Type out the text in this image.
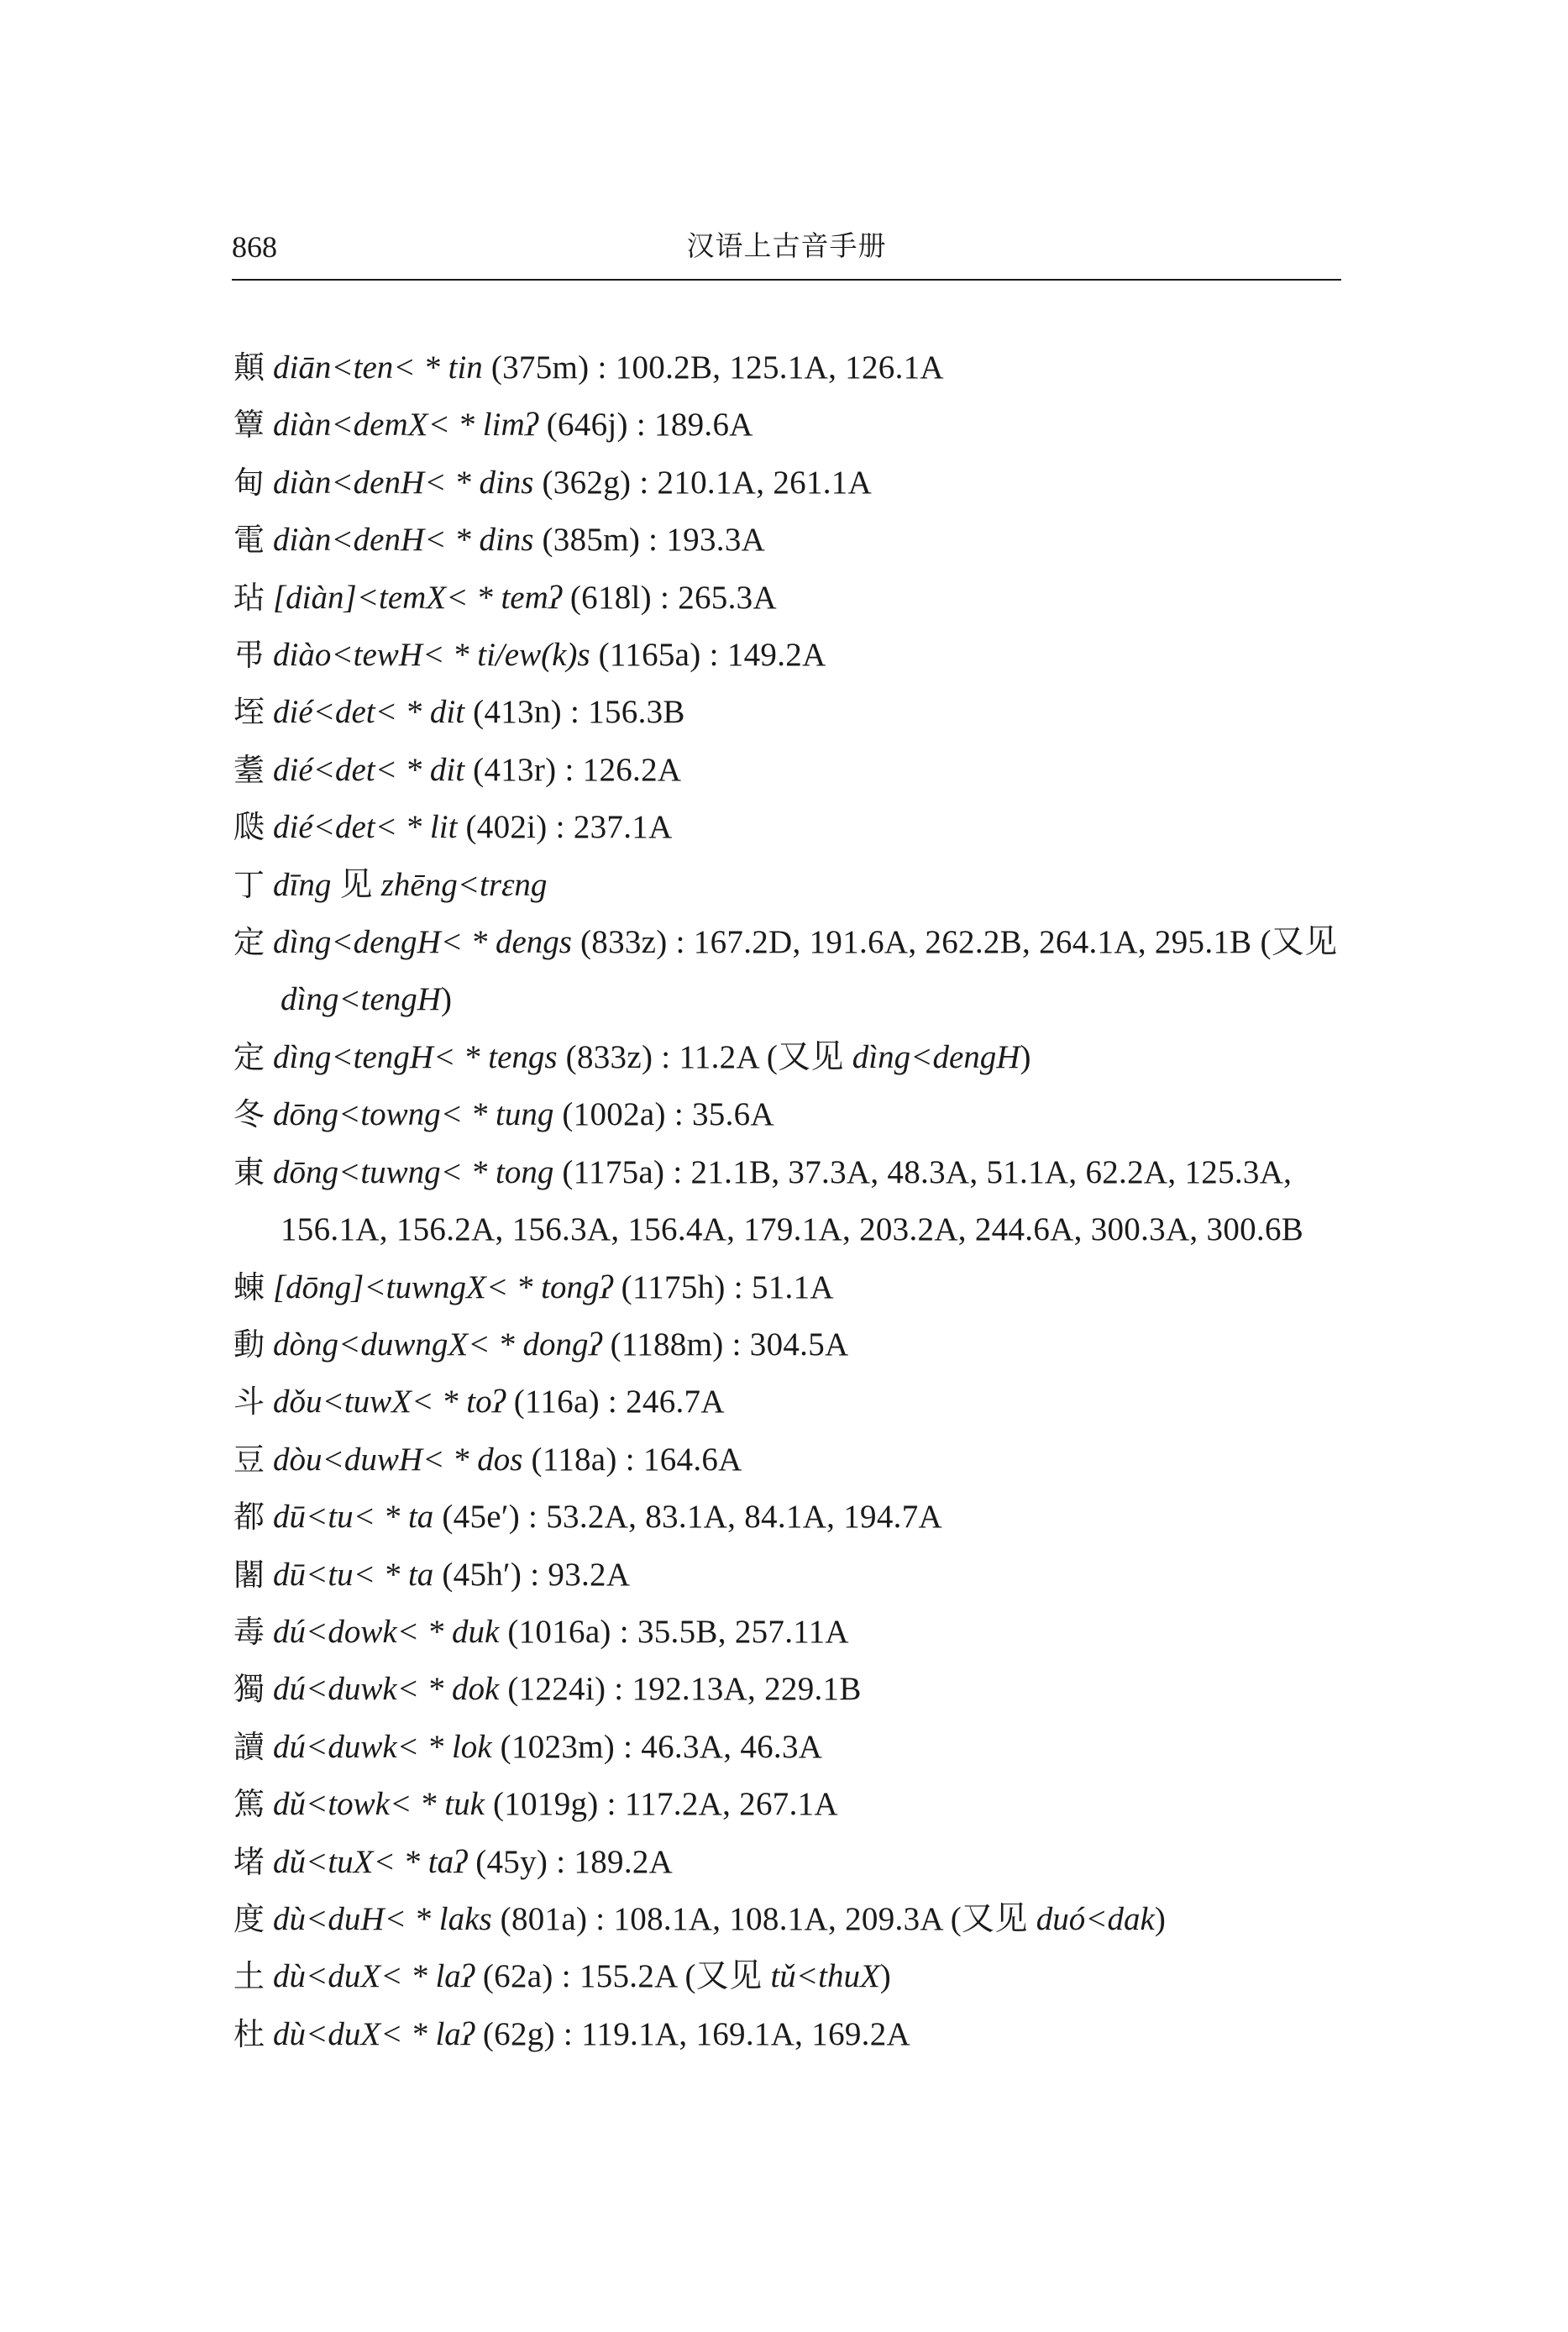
868	汉语上古音手册
顛 diān<ten< * tin (375m) : 100.2B, 125.1A, 126.1A
簟 diàn<demX< * limʔ (646j) : 189.6A
甸 diàn<denH< * dins (362g) : 210.1A, 261.1A
電 diàn<denH< * dins (385m) : 193.3A
玷 [diàn]<temX< * temʔ (618l) : 265.3A
弔 diào<tewH< * ti/ew(k)s (1165a) : 149.2A
垤 dié<det< * dit (413n) : 156.3B
耋 dié<det< * dit (413r) : 126.2A
瓞 dié<det< * lit (402i) : 237.1A
丁 dīng 见 zhēng<trɛng
定 dìng<dengH< * dengs (833z) : 167.2D, 191.6A, 262.2B, 264.1A, 295.1B (又见 dìng<tengH)
定 dìng<tengH< * tengs (833z) : 11.2A (又见 dìng<dengH)
冬 dōng<towng< * tung (1002a) : 35.6A
東 dōng<tuwng< * tong (1175a) : 21.1B, 37.3A, 48.3A, 51.1A, 62.2A, 125.3A, 156.1A, 156.2A, 156.3A, 156.4A, 179.1A, 203.2A, 244.6A, 300.3A, 300.6B
蝀 [dōng]<tuwngX< * tongʔ (1175h) : 51.1A
動 dòng<duwngX< * dongʔ (1188m) : 304.5A
斗 dǒu<tuwX< * toʔ (116a) : 246.7A
豆 dòu<duwH< * dos (118a) : 164.6A
都 dū<tu< * ta (45e′) : 53.2A, 83.1A, 84.1A, 194.7A
闍 dū<tu< * ta (45h′) : 93.2A
毒 dú<dowk< * duk (1016a) : 35.5B, 257.11A
獨 dú<duwk< * dok (1224i) : 192.13A, 229.1B
讀 dú<duwk< * lok (1023m) : 46.3A, 46.3A
篤 dǔ<towk< * tuk (1019g) : 117.2A, 267.1A
堵 dǔ<tuX< * taʔ (45y) : 189.2A
度 dù<duH< * laks (801a) : 108.1A, 108.1A, 209.3A (又见 duó<dak)
土 dù<duX< * laʔ (62a) : 155.2A (又见 tǔ<thuX)
杜 dù<duX< * laʔ (62g) : 119.1A, 169.1A, 169.2A
